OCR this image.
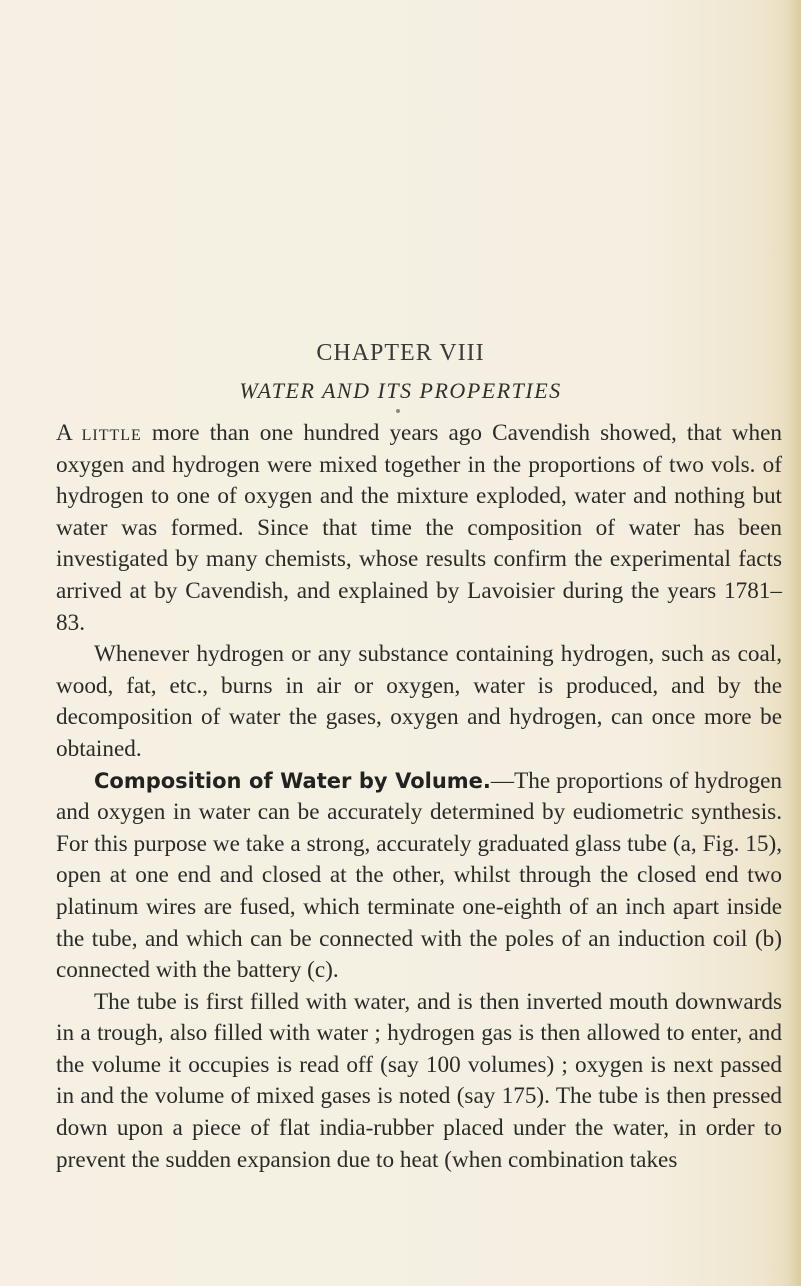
CHAPTER VIII
WATER AND ITS PROPERTIES

A little more than one hundred years ago Cavendish showed, that when oxygen and hydrogen were mixed together in the proportions of two vols. of hydrogen to one of oxygen and the mixture exploded, water and nothing but water was formed. Since that time the composition of water has been investigated by many chemists, whose results confirm the experimental facts arrived at by Cavendish, and explained by Lavoisier during the years 1781–83.

Whenever hydrogen or any substance containing hydrogen, such as coal, wood, fat, etc., burns in air or oxygen, water is produced, and by the decomposition of water the gases, oxygen and hydrogen, can once more be obtained.

Composition of Water by Volume.—The proportions of hydrogen and oxygen in water can be accurately determined by eudiometric synthesis. For this purpose we take a strong, accurately graduated glass tube (a, Fig. 15), open at one end and closed at the other, whilst through the closed end two platinum wires are fused, which terminate one-eighth of an inch apart inside the tube, and which can be connected with the poles of an induction coil (b) connected with the battery (c).

The tube is first filled with water, and is then inverted mouth downwards in a trough, also filled with water ; hydrogen gas is then allowed to enter, and the volume it occupies is read off (say 100 volumes) ; oxygen is next passed in and the volume of mixed gases is noted (say 175). The tube is then pressed down upon a piece of flat india-rubber placed under the water, in order to prevent the sudden expansion due to heat (when combination takes
